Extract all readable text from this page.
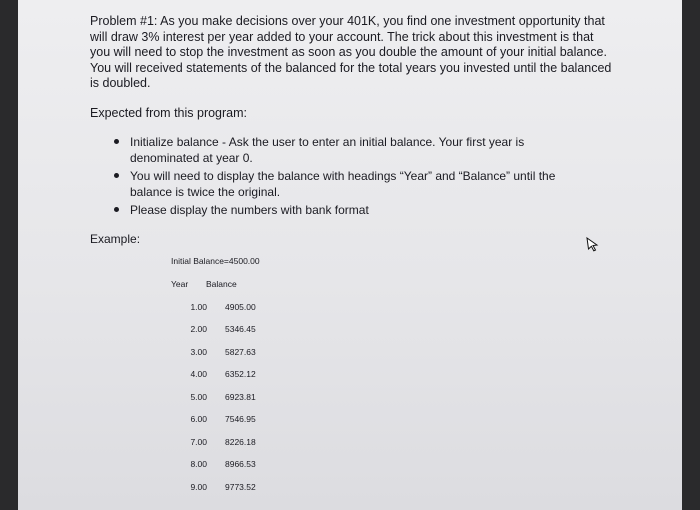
Problem #1: As you make decisions over your 401K, you find one investment opportunity that
will draw 3% interest per year added to your account. The trick about this investment is that
you will need to stop the investment as soon as you double the amount of your initial balance.
You will received statements of the balanced for the total years you invested until the balanced
is doubled.

Expected from this program:

Initialize balance - Ask the user to enter an initial balance. Your first year is
denominated at year 0.
You will need to display the balance with headings “Year” and “Balance” until the
balance is twice the original.
Please display the numbers with bank format
Example:
Initial Balance=4500.00
Year	Balance
1.00 4905.00
2.00 5346.45
3.00 5827.63
4.00 6352.12
5.00 6923.81
6.00 7546.95
7.00 8226.18
8.00 8966.53
9.00 9773.52
